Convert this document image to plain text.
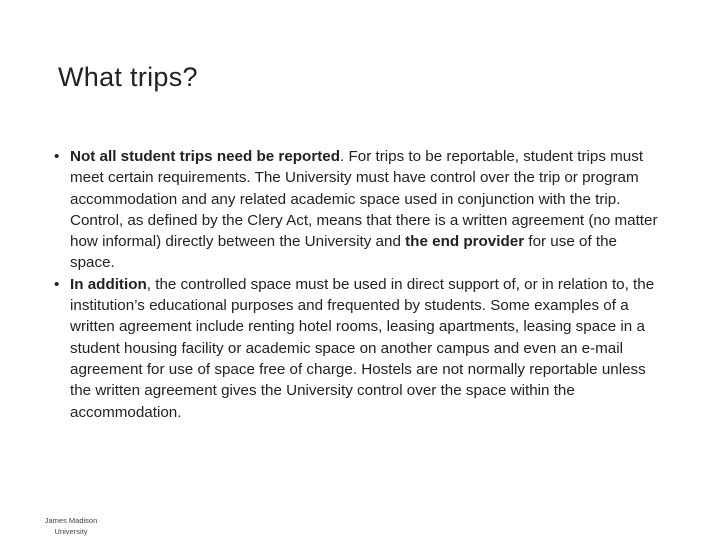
What trips?
• Not all student trips need be reported. For trips to be reportable, student trips must meet certain requirements. The University must have control over the trip or program accommodation and any related academic space used in conjunction with the trip. Control, as defined by the Clery Act, means that there is a written agreement (no matter how informal) directly between the University and the end provider for use of the space.
• In addition, the controlled space must be used in direct support of, or in relation to, the institution’s educational purposes and frequented by students. Some examples of a written agreement include renting hotel rooms, leasing apartments, leasing space in a student housing facility or academic space on another campus and even an e-mail agreement for use of space free of charge. Hostels are not normally reportable unless the written agreement gives the University control over the space within the accommodation.
James Madison
University
